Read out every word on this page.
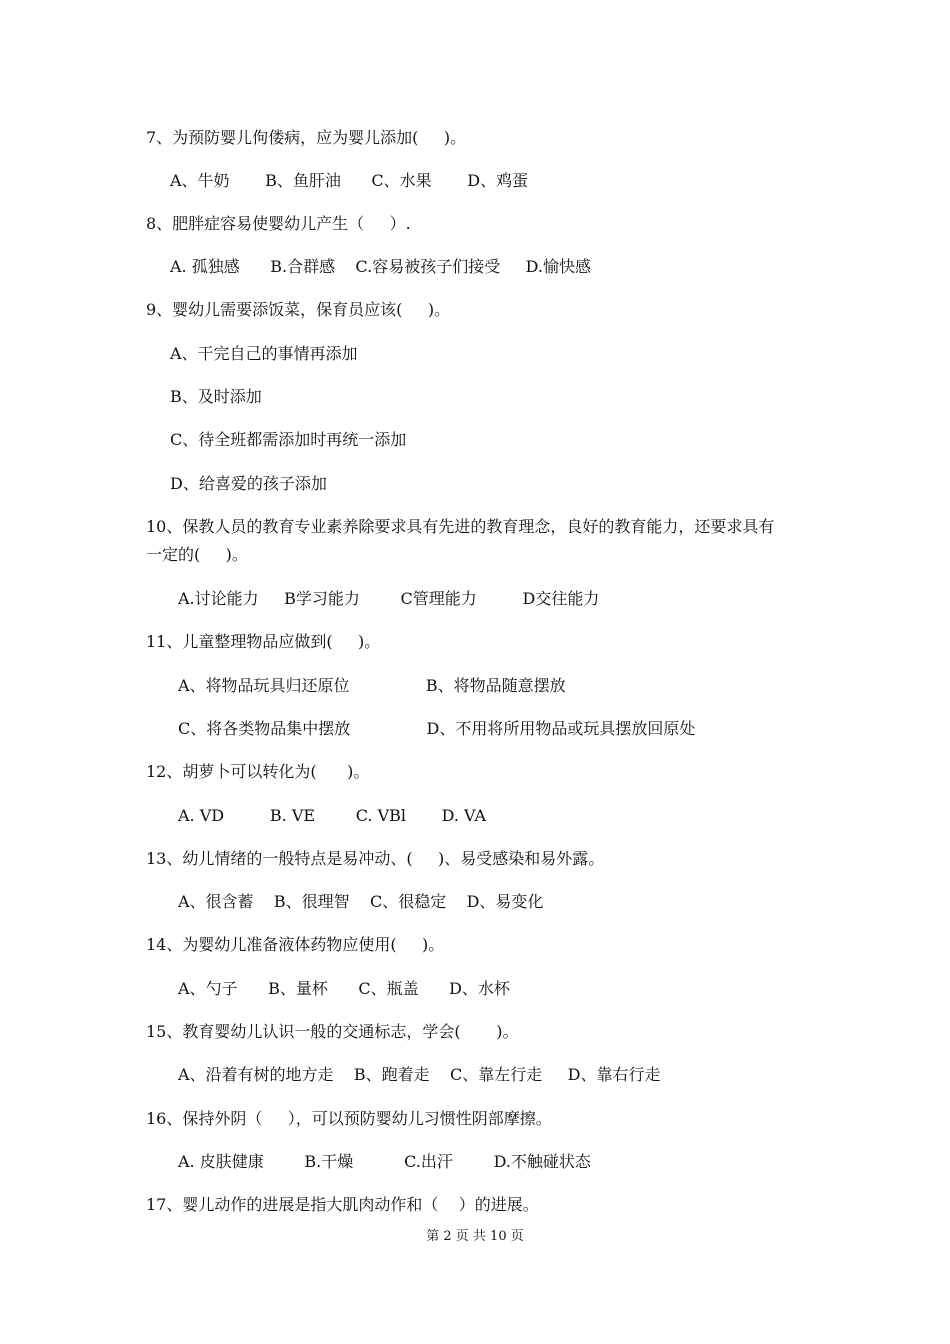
7、为预防婴儿佝偻病，应为婴儿添加(     )。
A、牛奶       B、鱼肝油      C、水果       D、鸡蛋
8、肥胖症容易使婴幼儿产生（     ）.
A. 孤独感      B.合群感    C.容易被孩子们接受     D.愉快感
9、婴幼儿需要添饭菜，保育员应该(     )。
A、干完自己的事情再添加
B、及时添加
C、待全班都需添加时再统一添加
D、给喜爱的孩子添加
10、保教人员的教育专业素养除要求具有先进的教育理念，良好的教育能力，还要求具有
一定的(     )。
A.讨论能力     B学习能力        C管理能力         D交往能力
11、儿童整理物品应做到(     )。
A、将物品玩具归还原位               B、将物品随意摆放
C、将各类物品集中摆放               D、不用将所用物品或玩具摆放回原处
12、胡萝卜可以转化为(      )。
A. VD         B. VE        C. VBl       D. VA
13、幼儿情绪的一般特点是易冲动、(     )、易受感染和易外露。
A、很含蓄    B、很理智    C、很稳定    D、易变化
14、为婴幼儿准备液体药物应使用(     )。
A、勺子      B、量杯      C、瓶盖      D、水杯
15、教育婴幼儿认识一般的交通标志，学会(       )。
A、沿着有树的地方走    B、跑着走    C、靠左行走     D、靠右行走
16、保持外阴（     ），可以预防婴幼儿习惯性阴部摩擦。
A. 皮肤健康        B.干燥          C.出汗        D.不触碰状态
17、婴儿动作的进展是指大肌肉动作和（    ）的进展。
第 2 页 共 10 页
